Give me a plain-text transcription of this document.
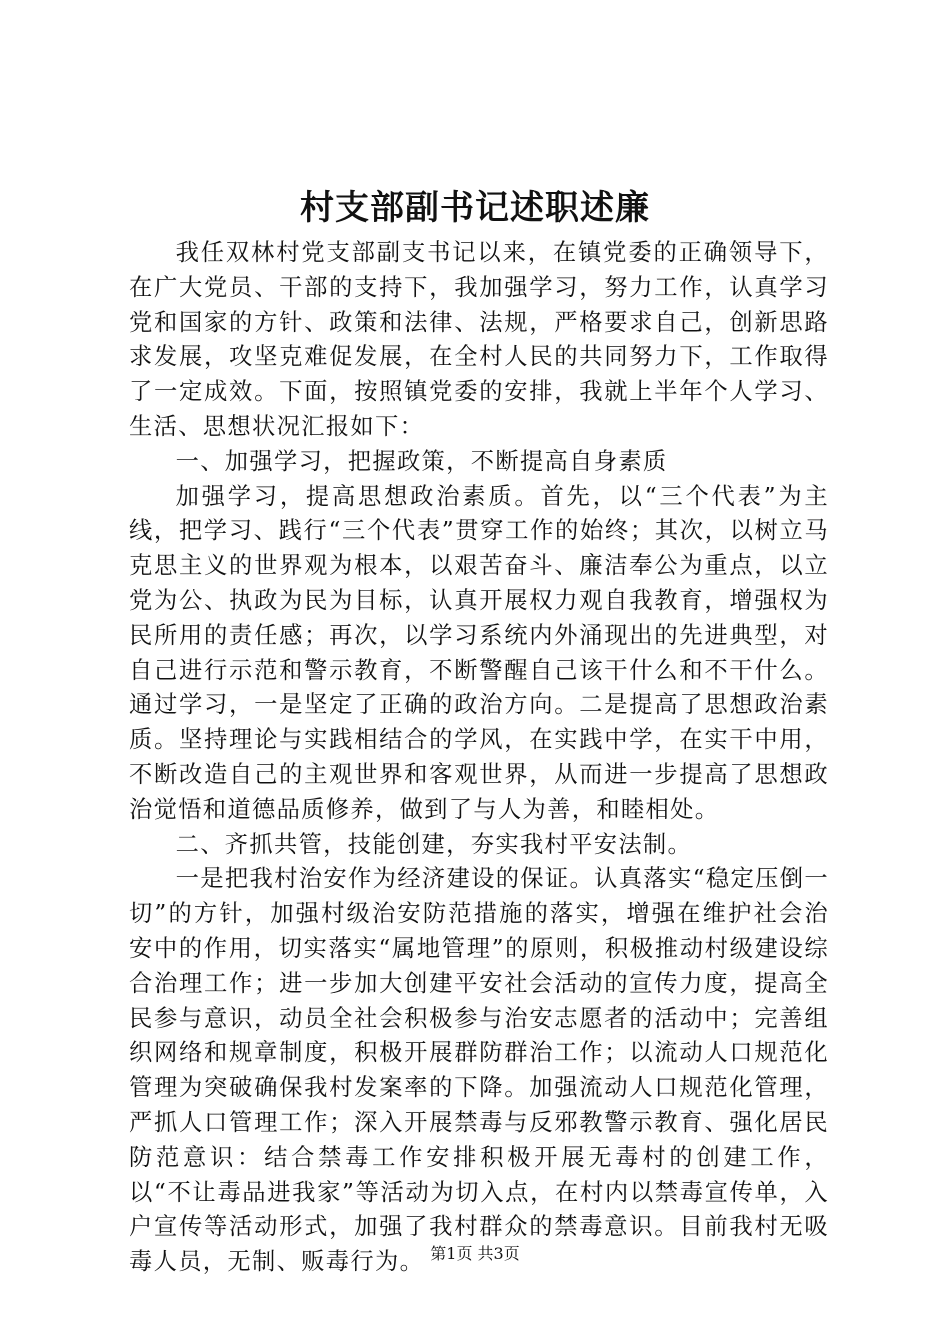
村支部副书记述职述廉

我任双林村党支部副支书记以来，在镇党委的正确领导下，在广大党员、干部的支持下，我加强学习，努力工作，认真学习党和国家的方针、政策和法律、法规，严格要求自己，创新思路求发展，攻坚克难促发展，在全村人民的共同努力下，工作取得了一定成效。下面，按照镇党委的安排，我就上半年个人学习、生活、思想状况汇报如下：

一、加强学习，把握政策，不断提高自身素质

加强学习，提高思想政治素质。首先，以“三个代表”为主线，把学习、践行“三个代表”贯穿工作的始终；其次，以树立马克思主义的世界观为根本，以艰苦奋斗、廉洁奉公为重点，以立党为公、执政为民为目标，认真开展权力观自我教育，增强权为民所用的责任感；再次，以学习系统内外涌现出的先进典型，对自己进行示范和警示教育，不断警醒自己该干什么和不干什么。通过学习，一是坚定了正确的政治方向。二是提高了思想政治素质。坚持理论与实践相结合的学风，在实践中学，在实干中用，不断改造自己的主观世界和客观世界，从而进一步提高了思想政治觉悟和道德品质修养，做到了与人为善，和睦相处。

二、齐抓共管，技能创建，夯实我村平安法制。

一是把我村治安作为经济建设的保证。认真落实“稳定压倒一切”的方针，加强村级治安防范措施的落实，增强在维护社会治安中的作用，切实落实“属地管理”的原则，积极推动村级建设综合治理工作；进一步加大创建平安社会活动的宣传力度，提高全民参与意识，动员全社会积极参与治安志愿者的活动中；完善组织网络和规章制度，积极开展群防群治工作；以流动人口规范化管理为突破确保我村发案率的下降。加强流动人口规范化管理，严抓人口管理工作；深入开展禁毒与反邪教警示教育、强化居民防范意识：结合禁毒工作安排积极开展无毒村的创建工作，以“不让毒品进我家”等活动为切入点，在村内以禁毒宣传单，入户宣传等活动形式，加强了我村群众的禁毒意识。目前我村无吸毒人员，无制、贩毒行为。 第1页 共3页
